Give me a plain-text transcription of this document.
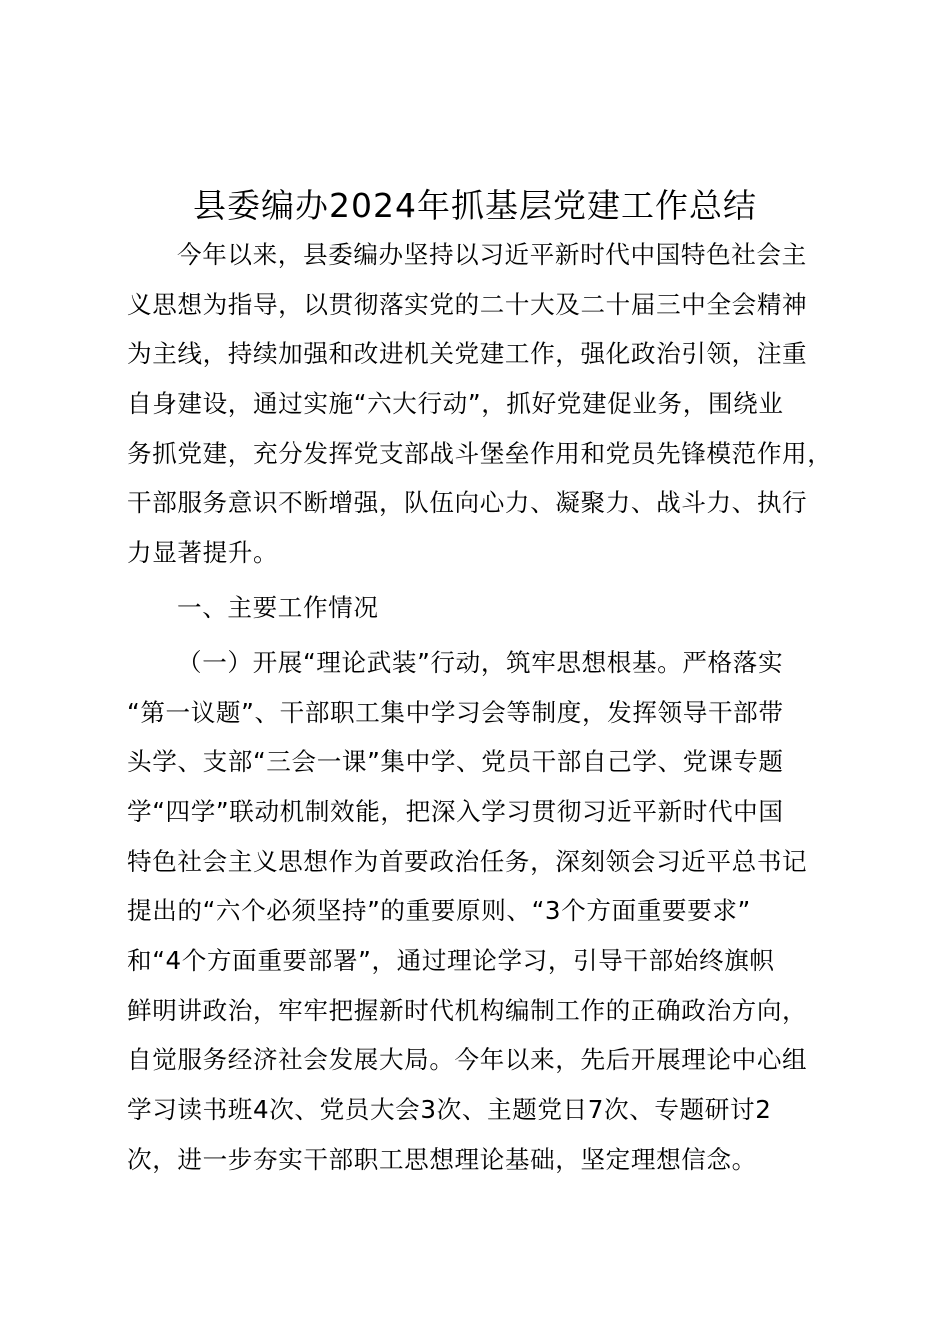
县委编办2024年抓基层党建工作总结
今年以来，县委编办坚持以习近平新时代中国特色社会主
义思想为指导，以贯彻落实党的二十大及二十届三中全会精神
为主线，持续加强和改进机关党建工作，强化政治引领，注重
自身建设，通过实施“六大行动”，抓好党建促业务，围绕业
务抓党建，充分发挥党支部战斗堡垒作用和党员先锋模范作用，
干部服务意识不断增强，队伍向心力、凝聚力、战斗力、执行
力显著提升。
一、主要工作情况
（一）开展“理论武装”行动，筑牢思想根基。严格落实
“第一议题”、干部职工集中学习会等制度，发挥领导干部带
头学、支部“三会一课”集中学、党员干部自己学、党课专题
学“四学”联动机制效能，把深入学习贯彻习近平新时代中国
特色社会主义思想作为首要政治任务，深刻领会习近平总书记
提出的“六个必须坚持”的重要原则、“3个方面重要要求”
和“4个方面重要部署”，通过理论学习，引导干部始终旗帜
鲜明讲政治，牢牢把握新时代机构编制工作的正确政治方向，
自觉服务经济社会发展大局。今年以来，先后开展理论中心组
学习读书班4次、党员大会3次、主题党日7次、专题研讨2
次，进一步夯实干部职工思想理论基础，坚定理想信念。
